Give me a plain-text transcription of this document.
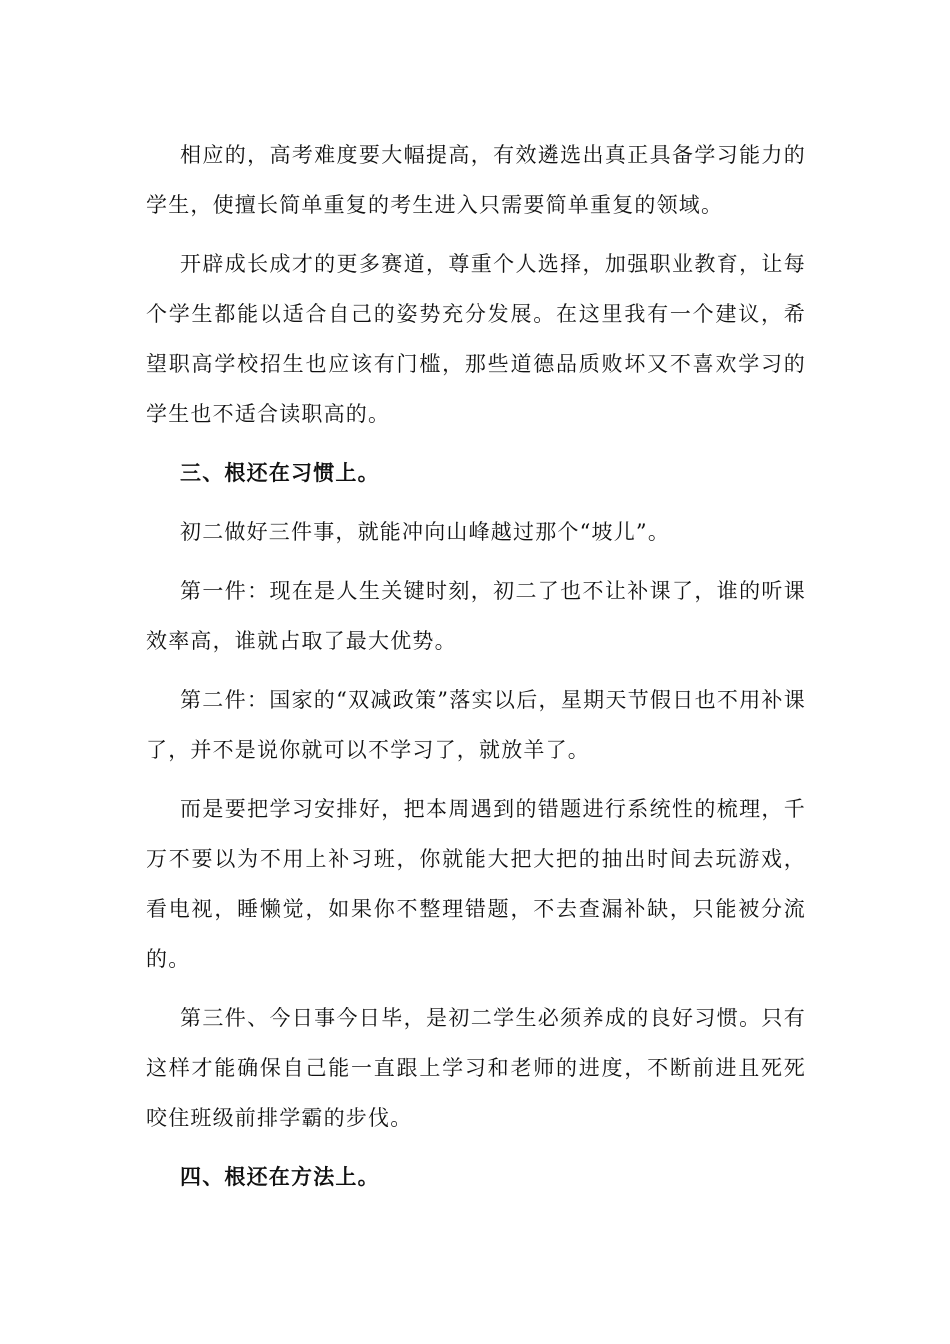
相应的，高考难度要大幅提高，有效遴选出真正具备学习能力的学生，使擅长简单重复的考生进入只需要简单重复的领域。

开辟成长成才的更多赛道，尊重个人选择，加强职业教育，让每个学生都能以适合自己的姿势充分发展。在这里我有一个建议，希望职高学校招生也应该有门槛，那些道德品质败坏又不喜欢学习的学生也不适合读职高的。

三、根还在习惯上。

初二做好三件事，就能冲向山峰越过那个“坡儿”。

第一件：现在是人生关键时刻，初二了也不让补课了，谁的听课效率高，谁就占取了最大优势。

第二件：国家的“双减政策”落实以后，星期天节假日也不用补课了，并不是说你就可以不学习了，就放羊了。

而是要把学习安排好，把本周遇到的错题进行系统性的梳理，千万不要以为不用上补习班，你就能大把大把的抽出时间去玩游戏，看电视，睡懒觉，如果你不整理错题，不去查漏补缺，只能被分流的。

第三件、今日事今日毕，是初二学生必须养成的良好习惯。只有这样才能确保自己能一直跟上学习和老师的进度，不断前进且死死咬住班级前排学霸的步伐。

四、根还在方法上。
